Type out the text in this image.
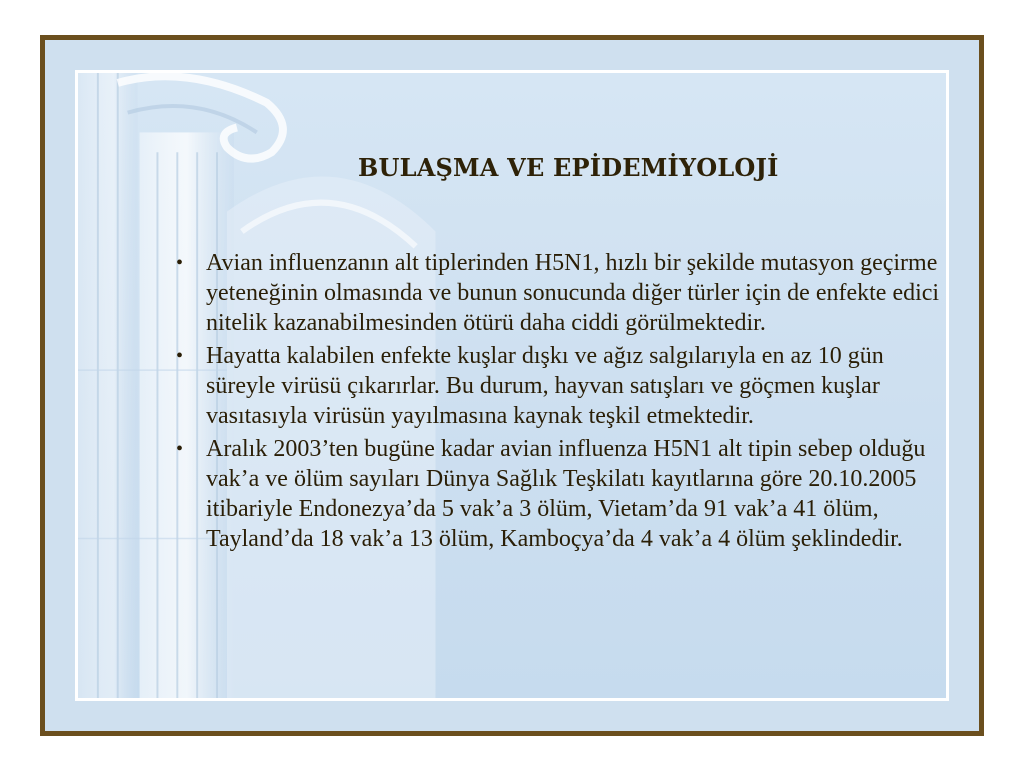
BULAŞMA VE EPİDEMİYOLOJİ
• Avian influenzanın alt tiplerinden H5N1, hızlı bir şekilde mutasyon geçirme yeteneğinin olmasında ve bunun sonucunda diğer türler için de enfekte edici nitelik kazanabilmesinden ötürü daha ciddi görülmektedir.
• Hayatta kalabilen enfekte kuşlar dışkı ve ağız salgılarıyla en az 10 gün süreyle virüsü çıkarırlar. Bu durum, hayvan satışları ve göçmen kuşlar vasıtasıyla virüsün yayılmasına kaynak teşkil etmektedir.
• Aralık 2003’ten bugüne kadar avian influenza H5N1 alt tipin sebep olduğu vak’a ve ölüm sayıları Dünya Sağlık Teşkilatı kayıtlarına göre 20.10.2005 itibariyle Endonezya’da 5 vak’a 3 ölüm, Vietam’da 91 vak’a 41 ölüm, Tayland’da 18 vak’a 13 ölüm, Kamboçya’da 4 vak’a 4 ölüm şeklindedir.
